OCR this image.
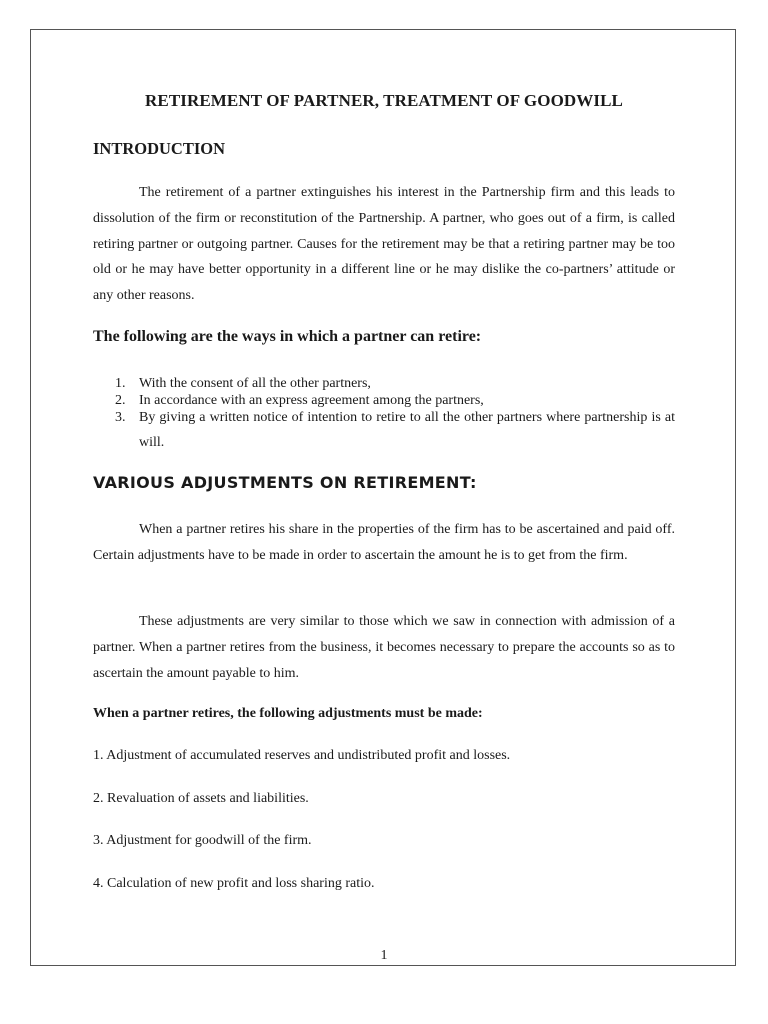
RETIREMENT OF PARTNER, TREATMENT OF GOODWILL
INTRODUCTION

The retirement of a partner extinguishes his interest in the Partnership firm and this leads to dissolution of the firm or reconstitution of the Partnership. A partner, who goes out of a firm, is called retiring partner or outgoing partner. Causes for the retirement may be that a retiring partner may be too old or he may have better opportunity in a different line or he may dislike the co-partners’ attitude or any other reasons.

The following are the ways in which a partner can retire:
1. With the consent of all the other partners,
2. In accordance with an express agreement among the partners,
3. By giving a written notice of intention to retire to all the other partners where partnership is at will.
VARIOUS ADJUSTMENTS ON RETIREMENT:

When a partner retires his share in the properties of the firm has to be ascertained and paid off. Certain adjustments have to be made in order to ascertain the amount he is to get from the firm.

These adjustments are very similar to those which we saw in connection with admission of a partner. When a partner retires from the business, it becomes necessary to prepare the accounts so as to ascertain the amount payable to him.

When a partner retires, the following adjustments must be made:

1. Adjustment of accumulated reserves and undistributed profit and losses.

2. Revaluation of assets and liabilities.

3. Adjustment for goodwill of the firm.

4. Calculation of new profit and loss sharing ratio.

1
